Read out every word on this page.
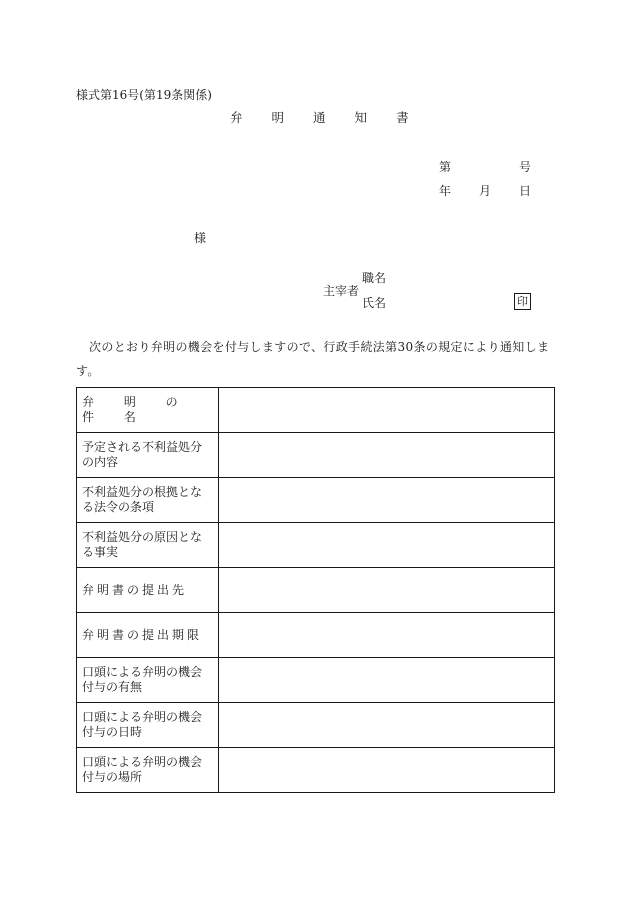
様式第16号(第19条関係)
弁 明 通 知 書
第	号
年 月 日
様
職名
主宰者
氏名	印
次のとおり弁明の機会を付与しますので、行政手続法第30条の規定により通知します。
弁 明 の 件 名	
予定される不利益処分の内容	
不利益処分の根拠となる法令の条項	
不利益処分の原因となる事実	
弁明書の提出先	
弁明書の提出期限	
口頭による弁明の機会付与の有無	
口頭による弁明の機会付与の日時	
口頭による弁明の機会付与の場所	
